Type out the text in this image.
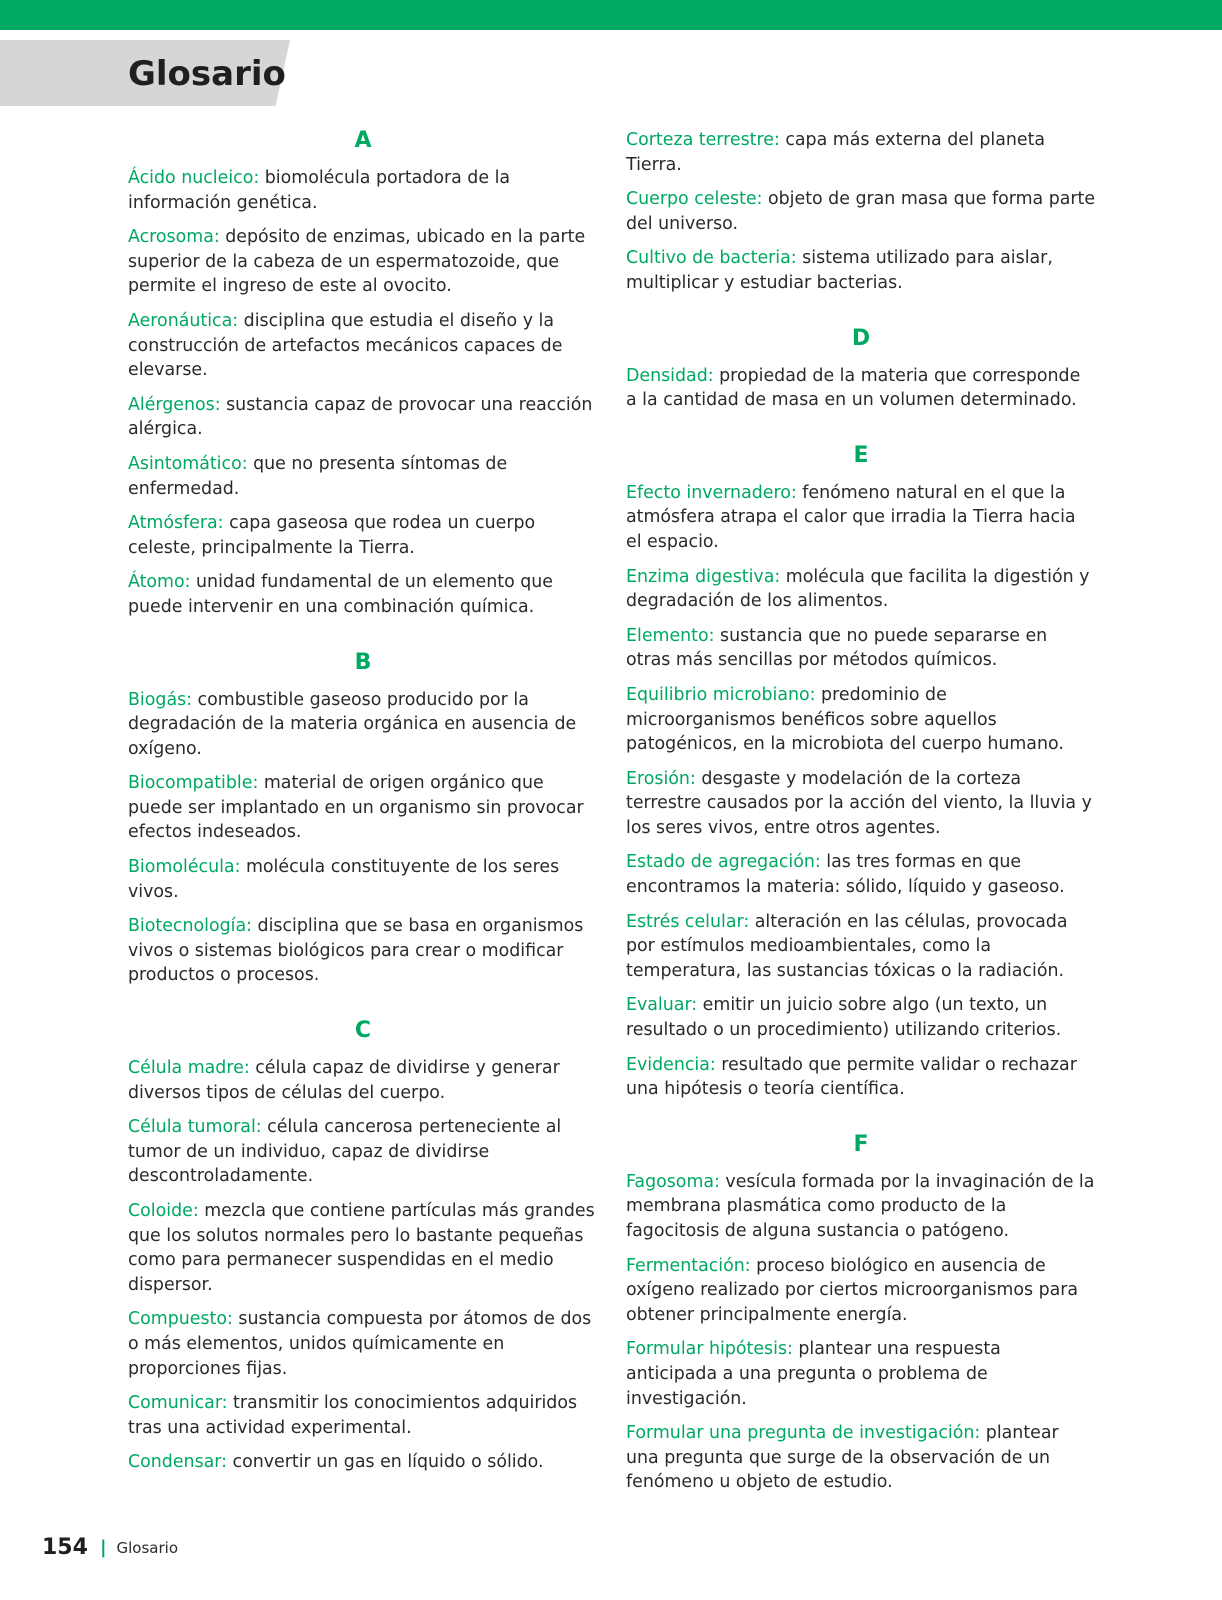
Glosario
A

Ácido nucleico: biomolécula portadora de la información genética.

Acrosoma: depósito de enzimas, ubicado en la parte superior de la cabeza de un espermatozoide, que permite el ingreso de este al ovocito.

Aeronáutica: disciplina que estudia el diseño y la construcción de artefactos mecánicos capaces de elevarse.

Alérgenos: sustancia capaz de provocar una reacción alérgica.

Asintomático: que no presenta síntomas de enfermedad.

Atmósfera: capa gaseosa que rodea un cuerpo celeste, principalmente la Tierra.

Átomo: unidad fundamental de un elemento que puede intervenir en una combinación química.

B

Biogás: combustible gaseoso producido por la degradación de la materia orgánica en ausencia de oxígeno.

Biocompatible: material de origen orgánico que puede ser implantado en un organismo sin provocar efectos indeseados.

Biomolécula: molécula constituyente de los seres vivos.

Biotecnología: disciplina que se basa en organismos vivos o sistemas biológicos para crear o modificar productos o procesos.

C

Célula madre: célula capaz de dividirse y generar diversos tipos de células del cuerpo.

Célula tumoral: célula cancerosa perteneciente al tumor de un individuo, capaz de dividirse descontroladamente.

Coloide: mezcla que contiene partículas más grandes que los solutos normales pero lo bastante pequeñas como para permanecer suspendidas en el medio dispersor.

Compuesto: sustancia compuesta por átomos de dos o más elementos, unidos químicamente en proporciones fijas.

Comunicar: transmitir los conocimientos adquiridos tras una actividad experimental.

Condensar: convertir un gas en líquido o sólido.

Corteza terrestre: capa más externa del planeta Tierra.

Cuerpo celeste: objeto de gran masa que forma parte del universo.

Cultivo de bacteria: sistema utilizado para aislar, multiplicar y estudiar bacterias.

D

Densidad: propiedad de la materia que corresponde a la cantidad de masa en un volumen determinado.

E

Efecto invernadero: fenómeno natural en el que la atmósfera atrapa el calor que irradia la Tierra hacia el espacio.

Enzima digestiva: molécula que facilita la digestión y degradación de los alimentos.

Elemento: sustancia que no puede separarse en otras más sencillas por métodos químicos.

Equilibrio microbiano: predominio de microorganismos benéficos sobre aquellos patogénicos, en la microbiota del cuerpo humano.

Erosión: desgaste y modelación de la corteza terrestre causados por la acción del viento, la lluvia y los seres vivos, entre otros agentes.

Estado de agregación: las tres formas en que encontramos la materia: sólido, líquido y gaseoso.

Estrés celular: alteración en las células, provocada por estímulos medioambientales, como la temperatura, las sustancias tóxicas o la radiación.

Evaluar: emitir un juicio sobre algo (un texto, un resultado o un procedimiento) utilizando criterios.

Evidencia: resultado que permite validar o rechazar una hipótesis o teoría científica.

F

Fagosoma: vesícula formada por la invaginación de la membrana plasmática como producto de la fagocitosis de alguna sustancia o patógeno.

Fermentación: proceso biológico en ausencia de oxígeno realizado por ciertos microorganismos para obtener principalmente energía.

Formular hipótesis: plantear una respuesta anticipada a una pregunta o problema de investigación.

Formular una pregunta de investigación: plantear una pregunta que surge de la observación de un fenómeno u objeto de estudio.

154 | Glosario
